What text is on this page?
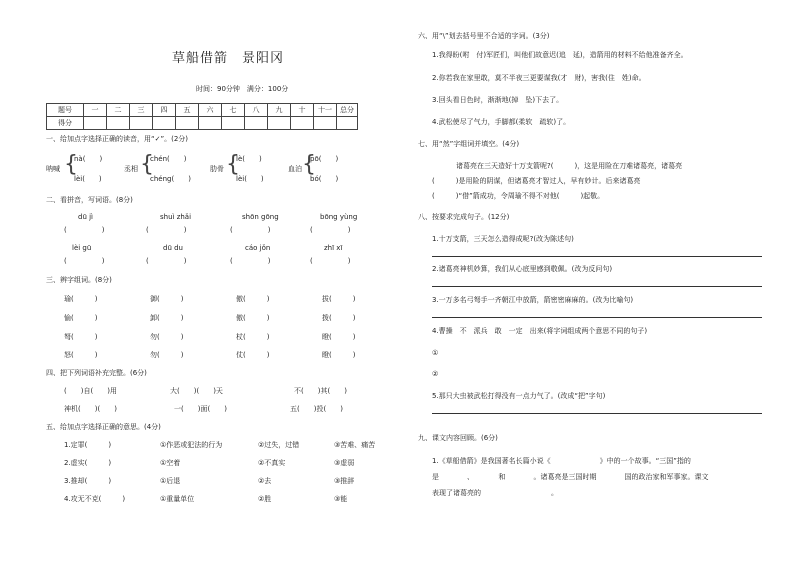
草船借箭　景阳冈
时间：90分钟　满分：100分
题号	一	二	三	四	五	六	七	八	九	十	十一	总分
得分												
一、给加点字选择正确的读音，用“✓”。(2分)
呐喊 {
nà(　　)
lèi(　　)
丞相 {
chén(　　)
chéng(　　)
肋骨 {
lè(　　)
lèi(　　)
血泊 {
pō(　　)
bó(　　)
二、看拼音，写词语。(8分)
dū jì	shuì zhǎi	shōn gōng	bōng yùng
(　　　　　)	(　　　　　)	(　　　　　)	(　　　　　)
lèi gū	dū du	cáo jǒn	zhī xī
(　　　　　)	(　　　　　)	(　　　　　)	(　　　　　)
三、辨字组词。(8分)
瑜(　　　)	御(　　　)	傲(　　　)	拔(　　　)
愉(　　　)	卸(　　　)	傲(　　　)	拨(　　　)
弩(　　　)	勿(　　　)	杖(　　　)	瞪(　　　)
怒(　　　)	勿(　　　)	仗(　　　)	瞪(　　　)
四、把下列词语补充完整。(6分)
(　　)自(　　)用	大(　　)(　　)天	不(　　)其(　　)
神机(　　)(　　)	一(　　)面(　　)	五(　　)投(　　)
五、给加点字选择正确的意思。(4分)
1.定罪(　　　)	①作恶或犯法的行为	②过失，过错	③苦难、痛苦
2.虚实(　　　)	①空着	②不真实	③虚弱
3.推却(　　　)	①后退	②去	③推辞
4.攻无不克(　　　)	①重量单位	②胜	③能
六、用“\”划去括号里不合适的字词。(3分)
1.我得盼(咐　付)军匠们，叫他们故意迟(追　延)，造箭用的材料不给他准备齐全。
2.你若我在家里敢，莫不半夜三更要谋我(才　财)，害我(住　姓)命。
3.回头看日色时，渐渐地(掉　坠)下去了。
4.武松使尽了气力，手脚都(柔软　疏软)了。
七、用“然”字组词并填空。(4分)
诸葛亮在三天造好十万支箭呢?(　　　)，这是用险在刀难诸葛亮，诸葛亮
(　　　)是用险的阴谋，但诸葛亮才智过人，早有妙计。后来诸葛亮
(　　　)“借”箭成功，令周瑜不得不对他(　　　)起敬。
八、按要求完成句子。(12分)
1.十万支箭，三天怎么造得成呢?(改为陈述句)
2.诸葛亮神机妙算，我们从心底里感到敬佩。(改为反问句)
3.一万多名弓弩手一齐朝江中放箭，箭密密麻麻的。(改为比喻句)
4.曹操　不　派兵　敢　一定　出来(将字词组成两个意思不同的句子)
①
②
5.那只大虫被武松打得没有一点力气了。(改成“把”字句)
九、课文内容回顾。(6分)
1.《草船借箭》是我国著名长篇小说《　　　　　　　》中的一个故事。“三国”指的
是　　　　、　　　　和　　　　。诸葛亮是三国时期　　　　国的政治家和军事家。课文
表现了诸葛亮的　　　　　　　　　　。
